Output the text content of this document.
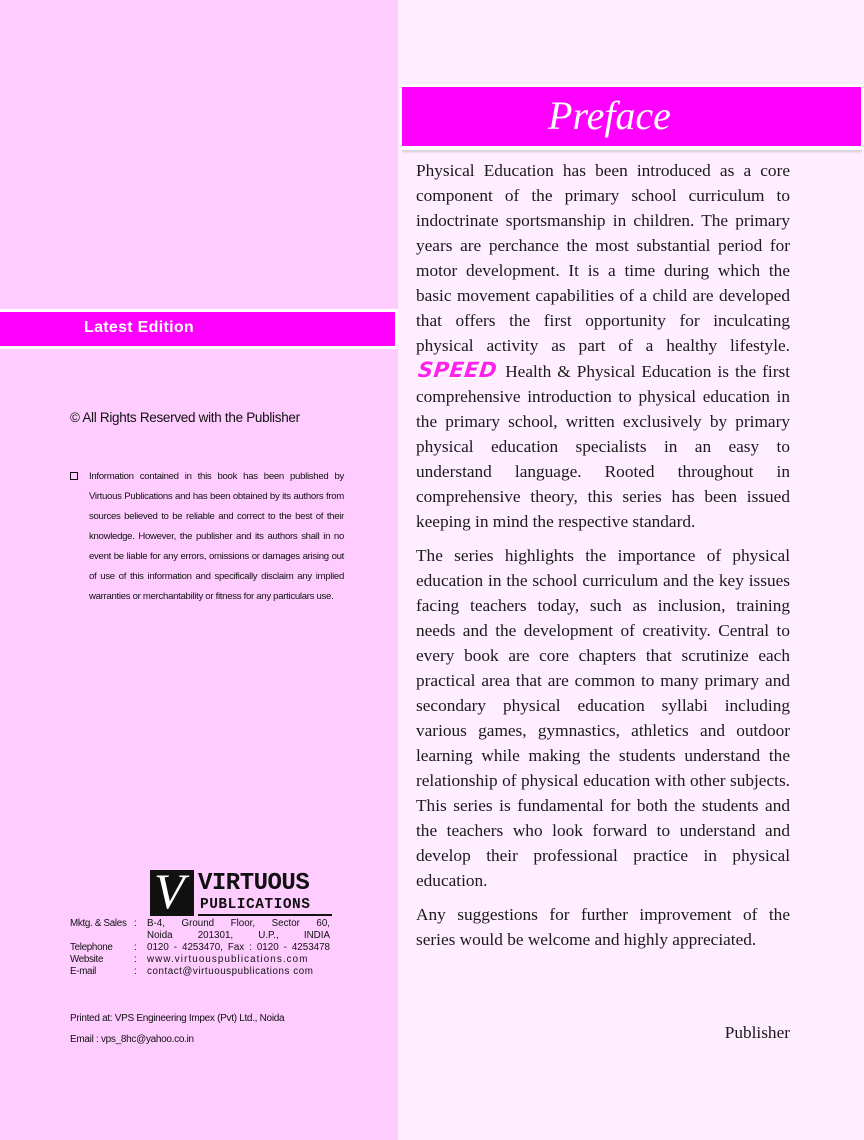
Latest Edition
© All Rights Reserved with the Publisher
Information contained in this book has been published by Virtuous Publications and has been obtained by its authors from sources believed to be reliable and correct to the best of their knowledge. However, the publisher and its authors shall in no event be liable for any errors, omissions or damages arising out of use of this information and specifically disclaim any implied warranties or merchantability or fitness for any particulars use.
V VIRTUOUS
PUBLICATIONS
Mktg. & Sales : B-4, Ground Floor, Sector 60,
Noida 201301, U.P., INDIA
Telephone : 0120 - 4253470, Fax : 0120 - 4253478
Website	: www.virtuouspublications.com
E-mail	: contact@virtuouspublications com
Printed at: VPS Engineering Impex (Pvt) Ltd., Noida
Email : vps_8hc@yahoo.co.in
Preface

Physical Education has been introduced as a core component of the primary school curriculum to indoctrinate sportsmanship in children. The primary years are perchance the most substantial period for motor development. It is a time during which the basic movement capabilities of a child are developed that offers the first opportunity for inculcating physical activity as part of a healthy lifestyle. SPEED Health & Physical Education is the first comprehensive introduction to physical education in the primary school, written exclusively by primary physical education specialists in an easy to understand language. Rooted throughout in comprehensive theory, this series has been issued keeping in mind the respective standard.

The series highlights the importance of physical education in the school curriculum and the key issues facing teachers today, such as inclusion, training needs and the development of creativity. Central to every book are core chapters that scrutinize each practical area that are common to many primary and secondary physical education syllabi including various games, gymnastics, athletics and outdoor learning while making the students understand the relationship of physical education with other subjects. This series is fundamental for both the students and the teachers who look forward to understand and develop their professional practice in physical education.

Any suggestions for further improvement of the series would be welcome and highly appreciated.

Publisher
